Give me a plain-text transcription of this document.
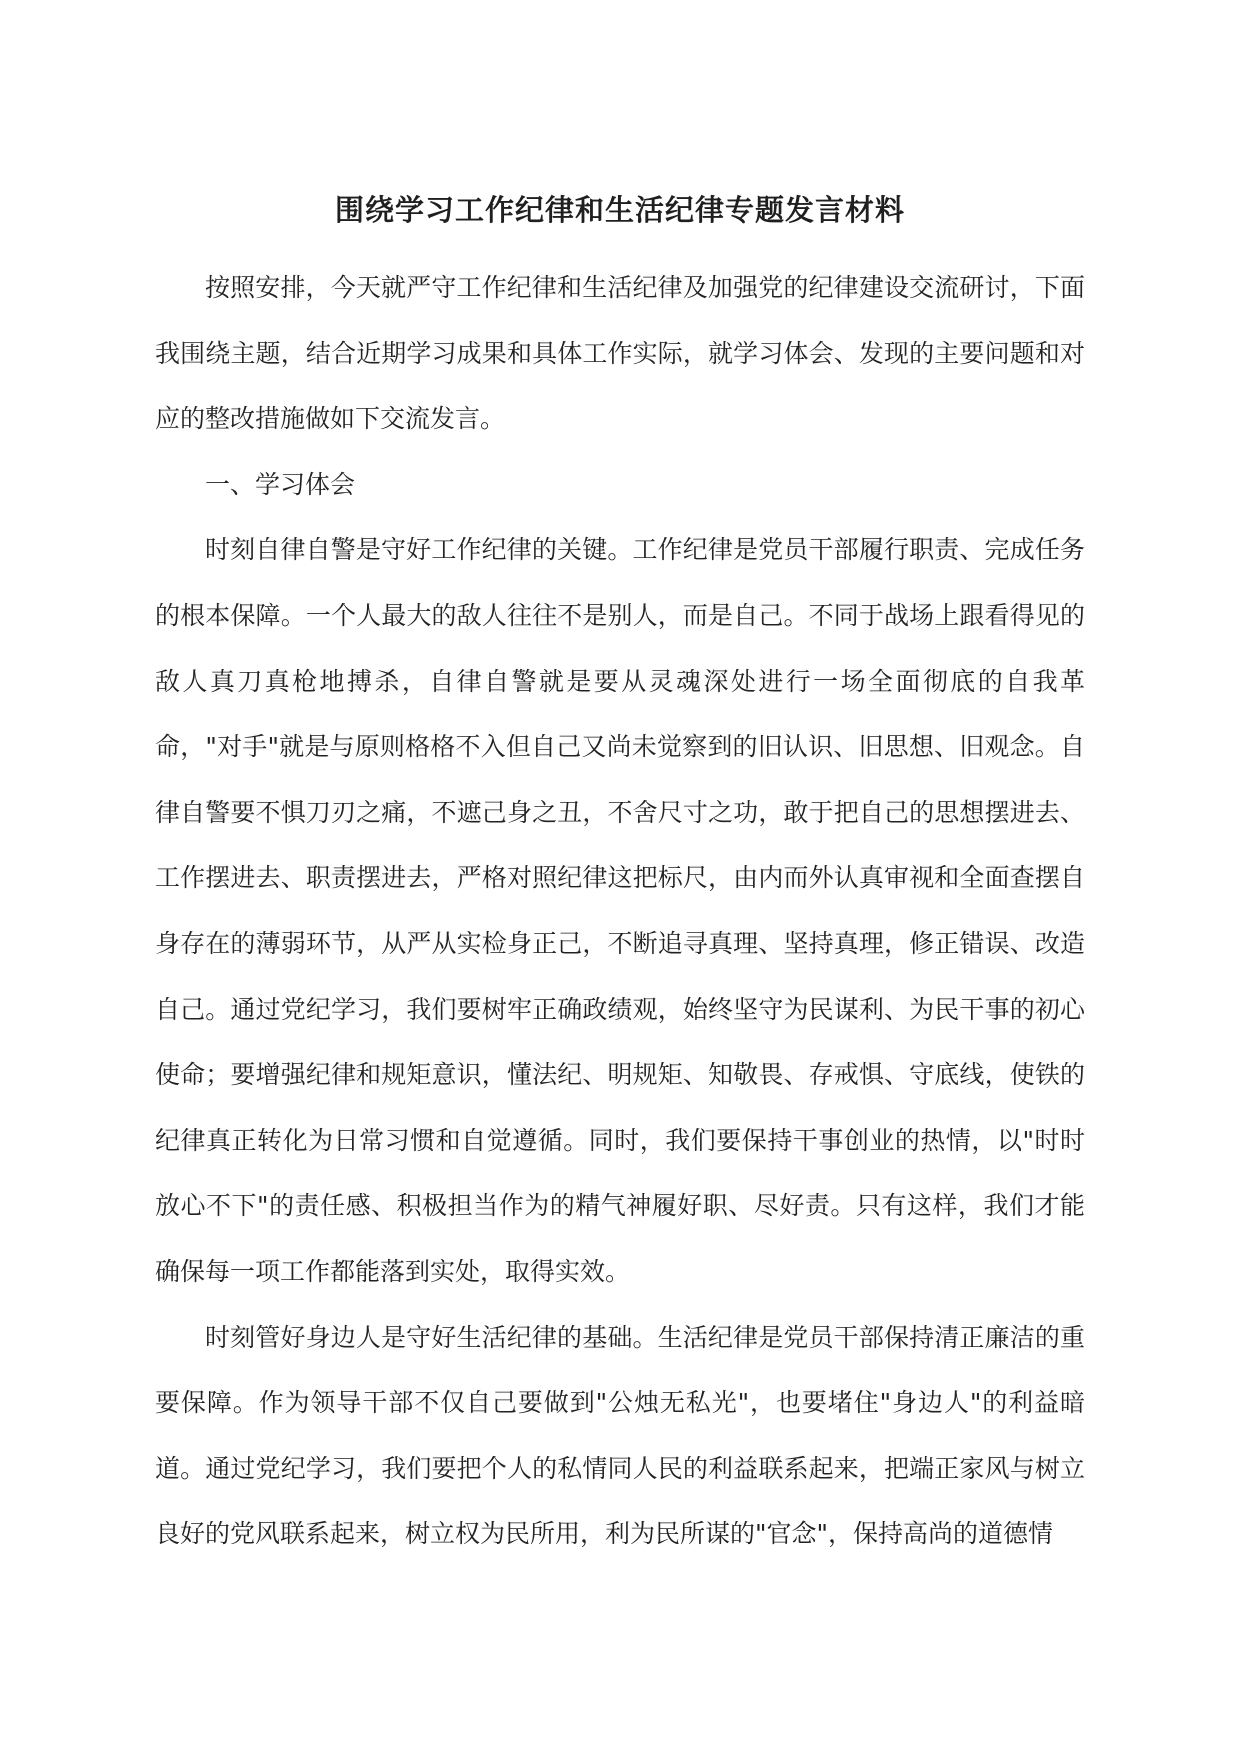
围绕学习工作纪律和生活纪律专题发言材料

按照安排，今天就严守工作纪律和生活纪律及加强党的纪律建设交流研讨，下面我围绕主题，结合近期学习成果和具体工作实际，就学习体会、发现的主要问题和对应的整改措施做如下交流发言。

一、学习体会

时刻自律自警是守好工作纪律的关键。工作纪律是党员干部履行职责、完成任务的根本保障。一个人最大的敌人往往不是别人，而是自己。不同于战场上跟看得见的敌人真刀真枪地搏杀，自律自警就是要从灵魂深处进行一场全面彻底的自我革命，"对手"就是与原则格格不入但自己又尚未觉察到的旧认识、旧思想、旧观念。自律自警要不惧刀刃之痛，不遮己身之丑，不舍尺寸之功，敢于把自己的思想摆进去、工作摆进去、职责摆进去，严格对照纪律这把标尺，由内而外认真审视和全面查摆自身存在的薄弱环节，从严从实检身正己，不断追寻真理、坚持真理，修正错误、改造自己。通过党纪学习，我们要树牢正确政绩观，始终坚守为民谋利、为民干事的初心使命；要增强纪律和规矩意识，懂法纪、明规矩、知敬畏、存戒惧、守底线，使铁的纪律真正转化为日常习惯和自觉遵循。同时，我们要保持干事创业的热情，以"时时放心不下"的责任感、积极担当作为的精气神履好职、尽好责。只有这样，我们才能确保每一项工作都能落到实处，取得实效。

时刻管好身边人是守好生活纪律的基础。生活纪律是党员干部保持清正廉洁的重要保障。作为领导干部不仅自己要做到"公烛无私光"，也要堵住"身边人"的利益暗道。通过党纪学习，我们要把个人的私情同人民的利益联系起来，把端正家风与树立良好的党风联系起来，树立权为民所用，利为民所谋的"官念"，保持高尚的道德情
